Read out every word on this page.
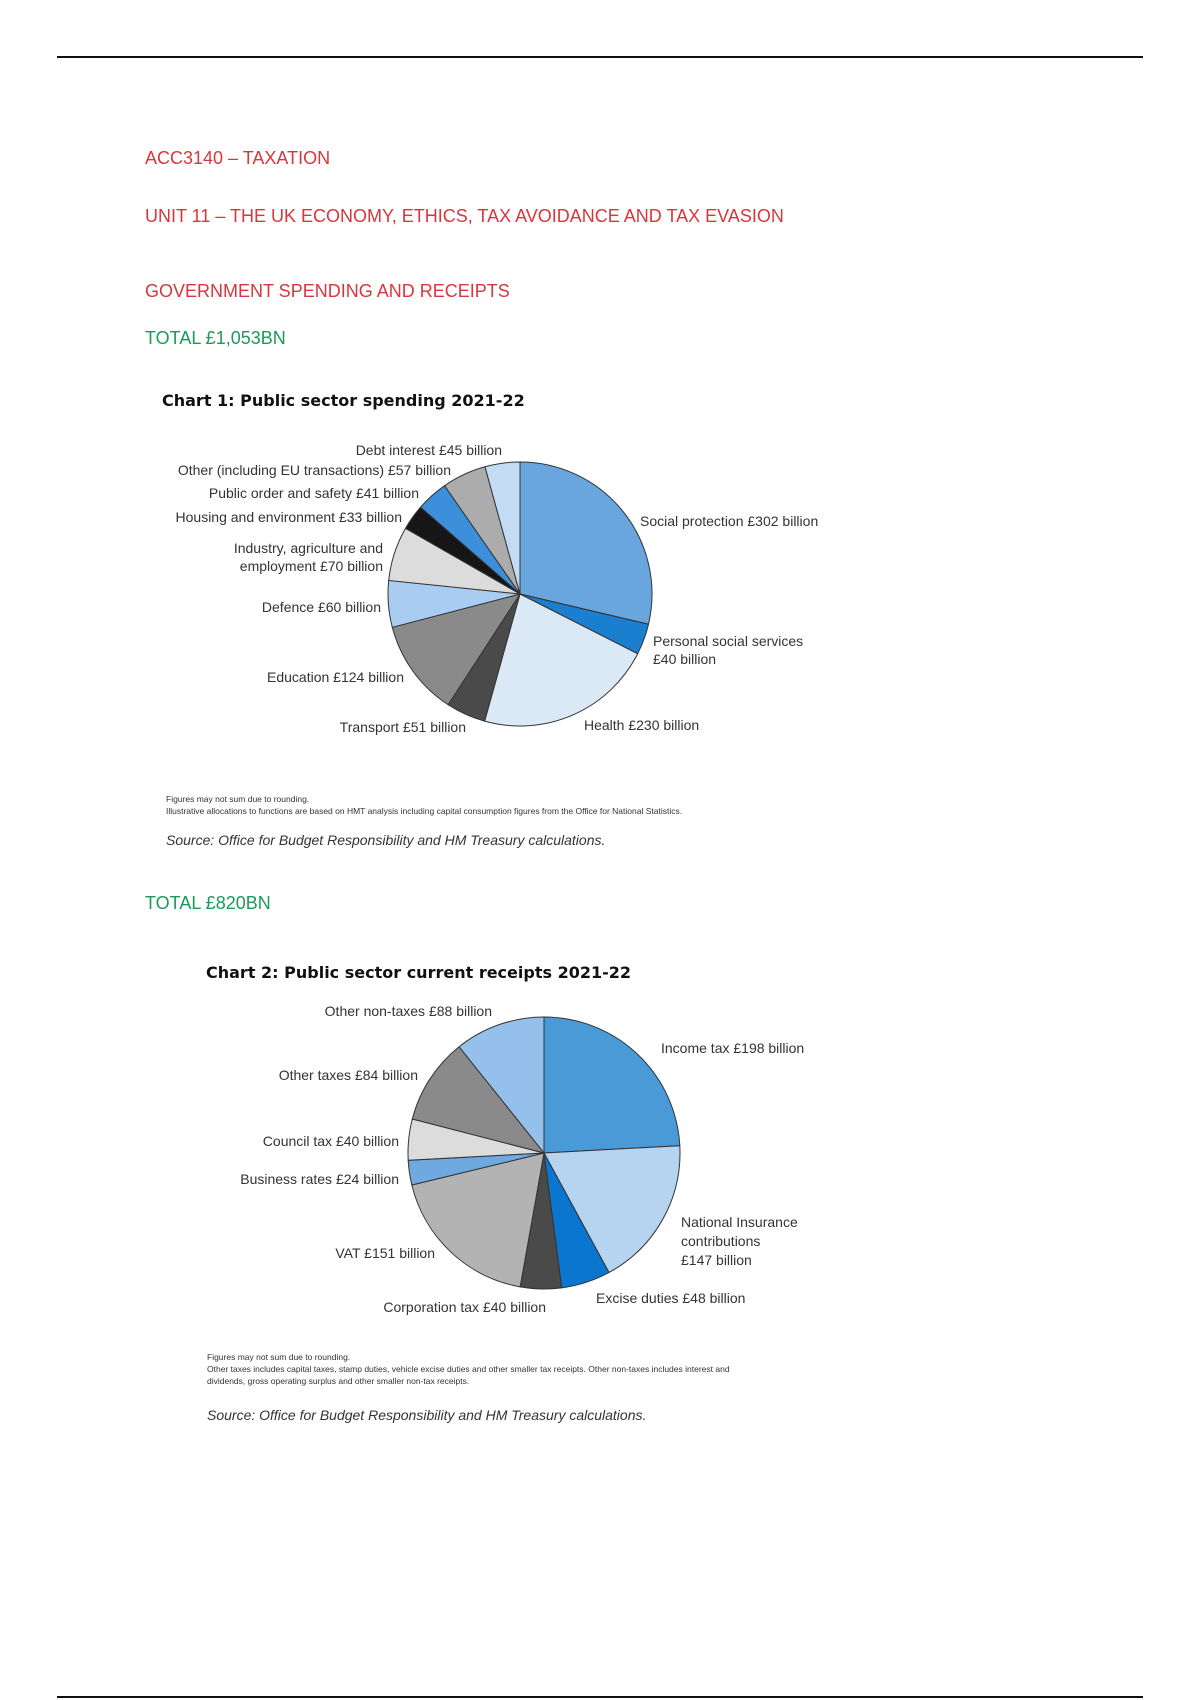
ACC3140 – TAXATION

UNIT 11 – THE UK ECONOMY, ETHICS, TAX AVOIDANCE AND TAX EVASION

GOVERNMENT SPENDING AND RECEIPTS

TOTAL £1,053BN

Chart 1: Public sector spending 2021-22
Social protection £302 billion
Personal social services
£40 billion
Health £230 billion
Transport £51 billion
Education £124 billion
Defence £60 billion
Industry, agriculture and
employment £70 billion
Housing and environment £33 billion
Public order and safety £41 billion
Other (including EU transactions) £57 billion
Debt interest £45 billion
Figures may not sum due to rounding.
Illustrative allocations to functions are based on HMT analysis including capital consumption figures from the Office for National Statistics.
Source: Office for Budget Responsibility and HM Treasury calculations.

TOTAL £820BN

Chart 2: Public sector current receipts 2021-22
Income tax £198 billion
National Insurance
contributions
£147 billion
Excise duties £48 billion
Corporation tax £40 billion
VAT £151 billion
Business rates £24 billion
Council tax £40 billion
Other taxes £84 billion
Other non-taxes £88 billion
Figures may not sum due to rounding.
Other taxes includes capital taxes, stamp duties, vehicle excise duties and other smaller tax receipts. Other non-taxes includes interest and
dividends, gross operating surplus and other smaller non-tax receipts.
Source: Office for Budget Responsibility and HM Treasury calculations.
